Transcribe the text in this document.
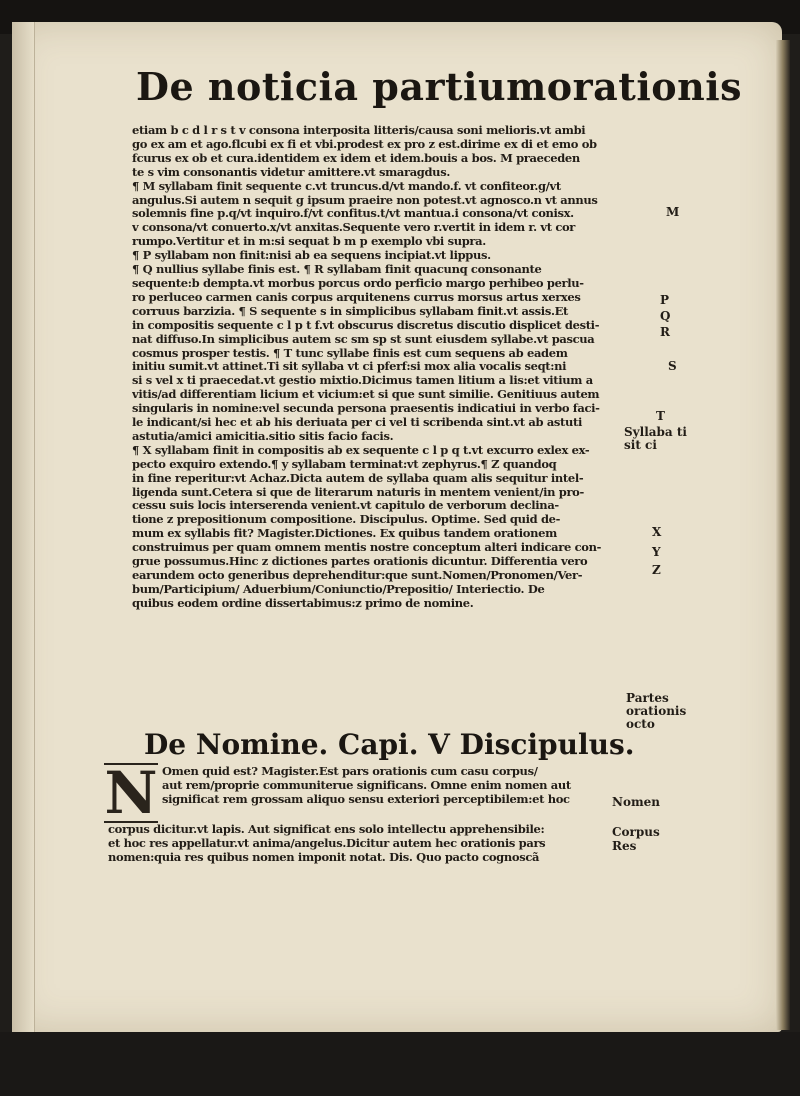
De noticia partiumorationis
etiam b c d l r s t v consona interposita litteris/causa soni melioris.vt ambi
go ex am et ago.flcubi ex fi et vbi.prodest ex pro z est.dirime ex di et emo ob
fcurus ex ob et cura.identidem ex idem et idem.bouis a bos. M praeceden
te s vim consonantis videtur amittere.vt smaragdus.
¶ M syllabam finit sequente c.vt truncus.d/vt mando.f. vt confiteor.g/vt
angulus.Si autem n sequit g ipsum praeire non potest.vt agnosco.n vt annus
solemnis fine p.q/vt inquiro.f/vt confitus.t/vt mantua.i consona/vt conisx.
v consona/vt conuerto.x/vt anxitas.Sequente vero r.vertit in idem r. vt cor
rumpo.Vertitur et in m:si sequat b m p exemplo vbi supra.
¶ P syllabam non finit:nisi ab ea sequens incipiat.vt lippus.
¶ Q nullius syllabe finis est. ¶ R syllabam finit quacunq consonante
sequente:b dempta.vt morbus porcus ordo perficio margo perhibeo perlu-
ro perluceo carmen canis corpus arquitenens currus morsus artus xerxes
corruus barzizia. ¶ S sequente s in simplicibus syllabam finit.vt assis.Et
in compositis sequente c l p t f.vt obscurus discretus discutio displicet desti-
nat diffuso.In simplicibus autem sc sm sp st sunt eiusdem syllabe.vt pascua
cosmus prosper testis. ¶ T tunc syllabe finis est cum sequens ab eadem
initiu sumit.vt attinet.Ti sit syllaba vt ci pferf:si mox alia vocalis seqt:ni
si s vel x ti praecedat.vt gestio mixtio.Dicimus tamen litium a lis:et vitium a
vitis/ad differentiam licium et vicium:et si que sunt similie. Genitiuus autem
singularis in nomine:vel secunda persona praesentis indicatiui in verbo faci-
le indicant/si hec et ab his deriuata per ci vel ti scribenda sint.vt ab astuti
astutia/amici amicitia.sitio sitis facio facis.
¶ X syllabam finit in compositis ab ex sequente c l p q t.vt excurro exlex ex-
pecto exquiro extendo.¶ y syllabam terminat:vt zephyrus.¶ Z quandoq
in fine reperitur:vt Achaz.Dicta autem de syllaba quam alis sequitur intel-
ligenda sunt.Cetera si que de literarum naturis in mentem venient/in pro-
cessu suis locis interserenda venient.vt capitulo de verborum declina-
tione z prepositionum compositione. Discipulus. Optime. Sed quid de-
mum ex syllabis fit? Magister.Dictiones. Ex quibus tandem orationem
construimus per quam omnem mentis nostre conceptum alteri indicare con-
grue possumus.Hinc z dictiones partes orationis dicuntur. Differentia vero
earundem octo generibus deprehenditur:que sunt.Nomen/Pronomen/Ver-
bum/Participium/ Aduerbium/Coniunctio/Prepositio/ Interiectio. De
quibus eodem ordine dissertabimus:z primo de nomine.
M
P
Q
R
S
T
Syllaba ti sit ci
X
Y
Z
Partes orationis octo
De Nomine. Capi. V Discipulus.
N Omen quid est? Magister.Est pars orationis cum casu corpus/
aut rem/proprie communiterue significans. Omne enim nomen aut
significat rem grossam aliquo sensu exteriori perceptibilem:et hoc
corpus dicitur.vt lapis. Aut significat ens solo intellectu apprehensibile:
et hoc res appellatur.vt anima/angelus.Dicitur autem hec orationis pars
nomen:quia res quibus nomen imponit notat. Dis. Quo pacto cognoscã
Nomen
Corpus
Res
